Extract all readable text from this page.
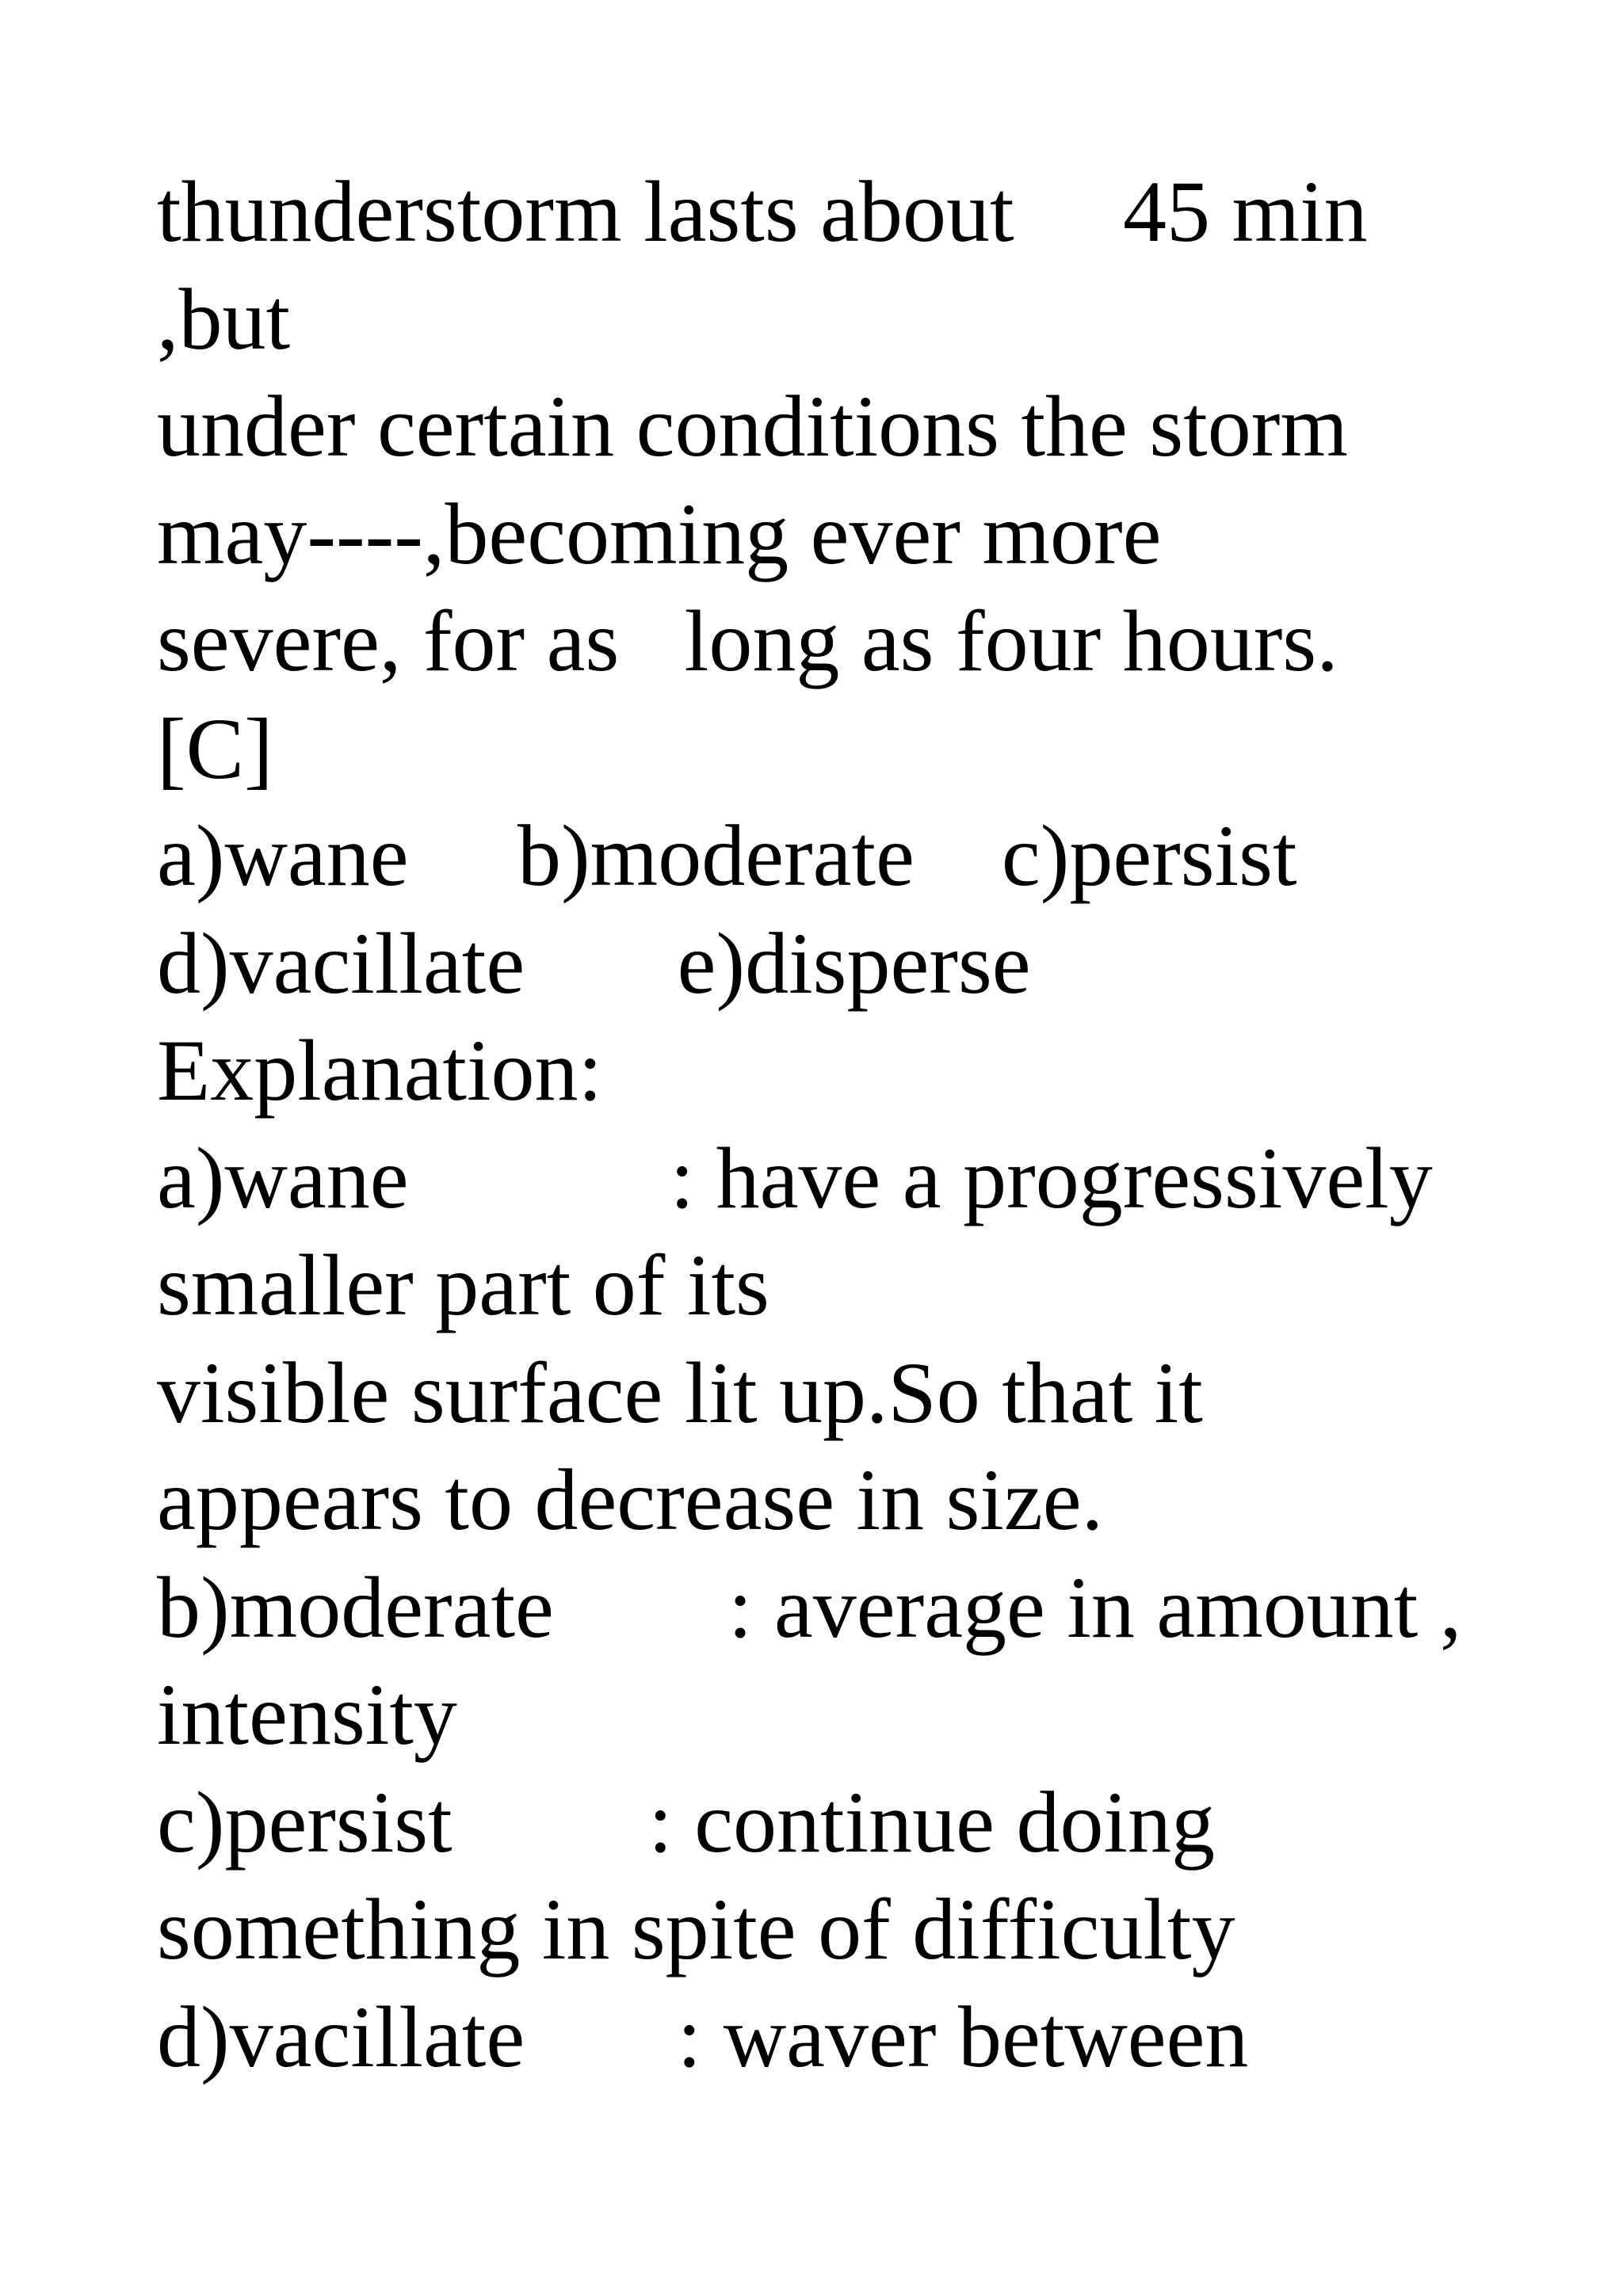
thunderstorm lasts about     45 min
,but
under certain conditions the storm
may----,becoming ever more
severe, for as   long as four hours.
[C]
a)wane     b)moderate    c)persist
d)vacillate       e)disperse
Explanation:
a)wane            : have a progressively
smaller part of its
visible surface lit up.So that it
appears to decrease in size.
b)moderate        : average in amount ,
intensity
c)persist         : continue doing
something in spite of difficulty
d)vacillate       : waver between
